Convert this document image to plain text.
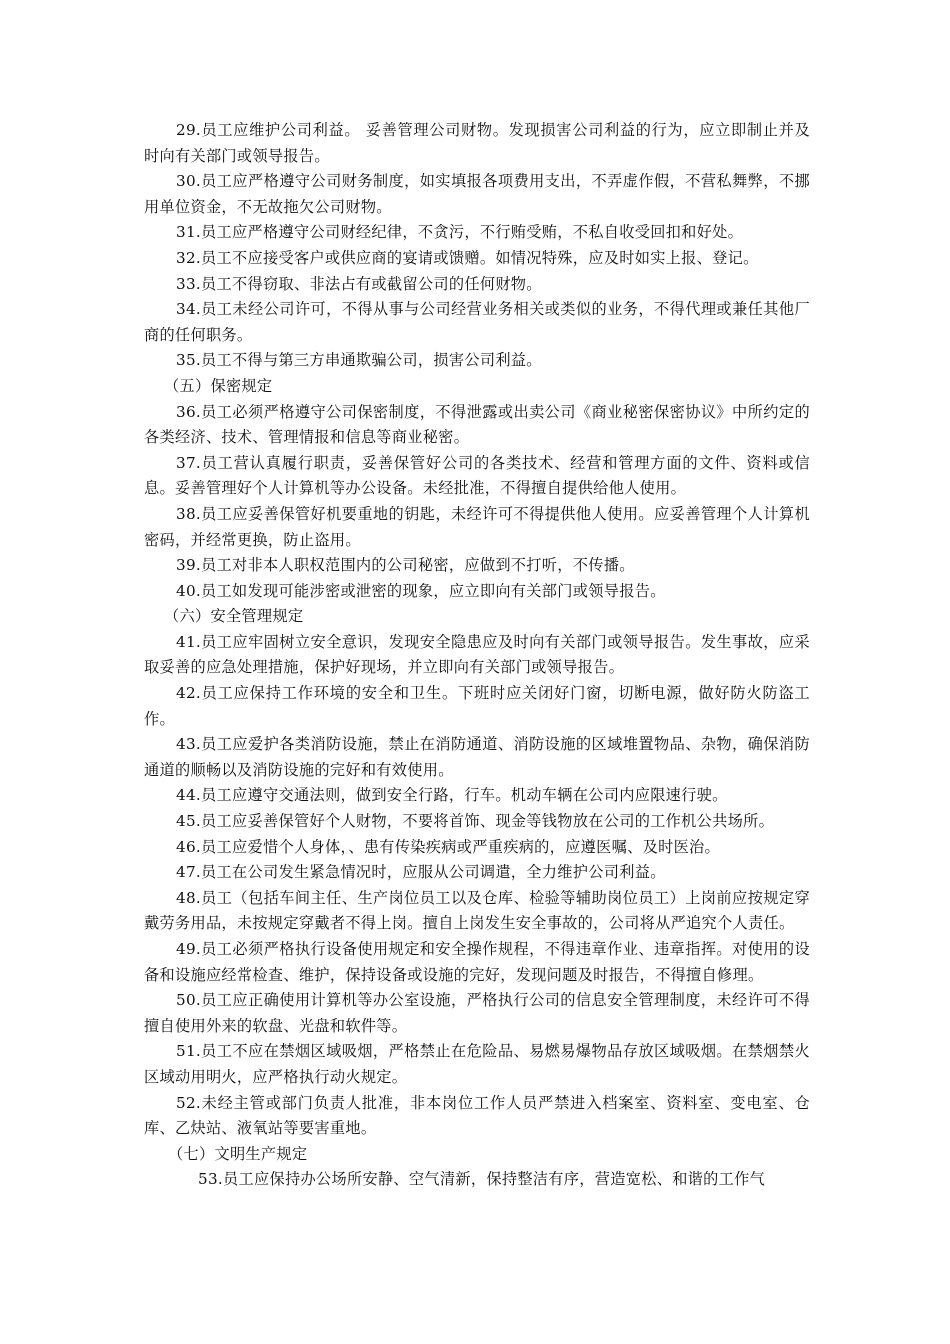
29.员工应维护公司利益。 妥善管理公司财物。发现损害公司利益的行为，应立即制止并及时向有关部门或领导报告。

30.员工应严格遵守公司财务制度，如实填报各项费用支出，不弄虚作假，不营私舞弊，不挪用单位资金，不无故拖欠公司财物。

31.员工应严格遵守公司财经纪律，不贪污，不行贿受贿，不私自收受回扣和好处。

32.员工不应接受客户或供应商的宴请或馈赠。如情况特殊，应及时如实上报、登记。

33.员工不得窃取、非法占有或截留公司的任何财物。

34.员工未经公司许可，不得从事与公司经营业务相关或类似的业务，不得代理或兼任其他厂商的任何职务。

35.员工不得与第三方串通欺骗公司，损害公司利益。

（五）保密规定

36.员工必须严格遵守公司保密制度，不得泄露或出卖公司《商业秘密保密协议》中所约定的各类经济、技术、管理情报和信息等商业秘密。

37.员工营认真履行职责，妥善保管好公司的各类技术、经营和管理方面的文件、资料或信息。妥善管理好个人计算机等办公设备。未经批准，不得擅自提供给他人使用。

38.员工应妥善保管好机要重地的钥匙，未经许可不得提供他人使用。应妥善管理个人计算机密码，并经常更换，防止盗用。

39.员工对非本人职权范围内的公司秘密，应做到不打听，不传播。

40.员工如发现可能涉密或泄密的现象，应立即向有关部门或领导报告。

（六）安全管理规定

41.员工应牢固树立安全意识，发现安全隐患应及时向有关部门或领导报告。发生事故，应采取妥善的应急处理措施，保护好现场，并立即向有关部门或领导报告。

42.员工应保持工作环境的安全和卫生。下班时应关闭好门窗，切断电源，做好防火防盗工作。

43.员工应爱护各类消防设施，禁止在消防通道、消防设施的区域堆置物品、杂物，确保消防通道的顺畅以及消防设施的完好和有效使用。

44.员工应遵守交通法则，做到安全行路，行车。机动车辆在公司内应限速行驶。

45.员工应妥善保管好个人财物，不要将首饰、现金等钱物放在公司的工作机公共场所。

46.员工应爱惜个人身体，、患有传染疾病或严重疾病的，应遵医嘱、及时医治。

47.员工在公司发生紧急情况时，应服从公司调遣，全力维护公司利益。

48.员工（包括车间主任、生产岗位员工以及仓库、检验等辅助岗位员工）上岗前应按规定穿戴劳务用品，未按规定穿戴者不得上岗。擅自上岗发生安全事故的，公司将从严追究个人责任。

49.员工必须严格执行设备使用规定和安全操作规程，不得违章作业、违章指挥。对使用的设备和设施应经常检查、维护，保持设备或设施的完好，发现问题及时报告，不得擅自修理。

50.员工应正确使用计算机等办公室设施，严格执行公司的信息安全管理制度，未经许可不得擅自使用外来的软盘、光盘和软件等。

51.员工不应在禁烟区域吸烟，严格禁止在危险品、易燃易爆物品存放区域吸烟。在禁烟禁火区域动用明火，应严格执行动火规定。

52.未经主管或部门负责人批准，非本岗位工作人员严禁进入档案室、资料室、变电室、仓库、乙炔站、液氧站等要害重地。

（七）文明生产规定

53.员工应保持办公场所安静、空气清新，保持整洁有序，营造宽松、和谐的工作气
